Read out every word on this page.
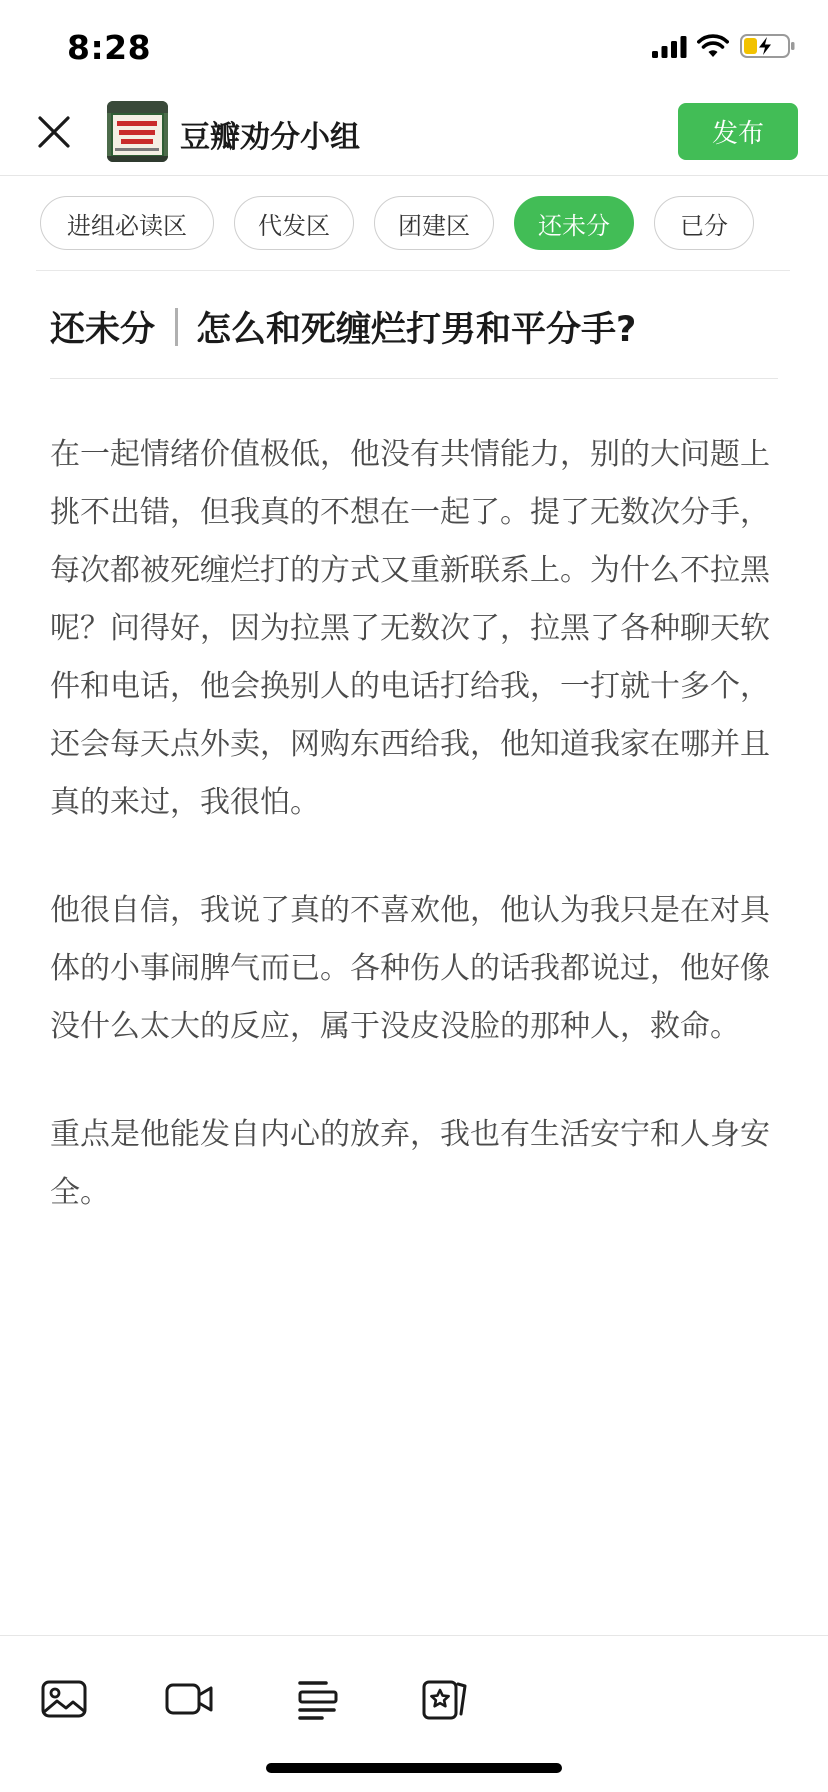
8:28
豆瓣劝分小组	发布
进组必读区	代发区	团建区	还未分	已分
还未分 怎么和死缠烂打男和平分手?

在一起情绪价值极低，他没有共情能力，别的大问题上挑不出错，但我真的不想在一起了。提了无数次分手，每次都被死缠烂打的方式又重新联系上。为什么不拉黑呢？问得好，因为拉黑了无数次了，拉黑了各种聊天软件和电话，他会换别人的电话打给我，一打就十多个，还会每天点外卖，网购东西给我，他知道我家在哪并且真的来过，我很怕。

他很自信，我说了真的不喜欢他，他认为我只是在对具体的小事闹脾气而已。各种伤人的话我都说过，他好像没什么太大的反应，属于没皮没脸的那种人，救命。

重点是他能发自内心的放弃，我也有生活安宁和人身安全。
